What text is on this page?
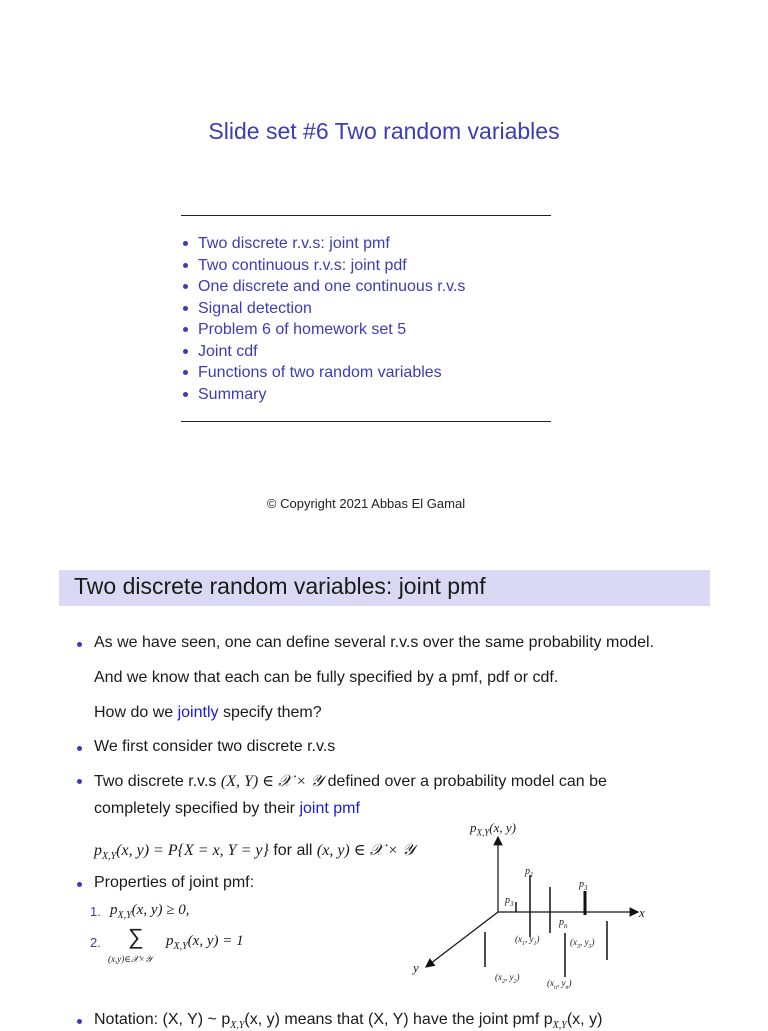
Slide set #6 Two random variables
Two discrete r.v.s: joint pmf
Two continuous r.v.s: joint pdf
One discrete and one continuous r.v.s
Signal detection
Problem 6 of homework set 5
Joint cdf
Functions of two random variables
Summary
© Copyright 2021 Abbas El Gamal
Two discrete random variables: joint pmf
As we have seen, one can define several r.v.s over the same probability model.
And we know that each can be fully specified by a pmf, pdf or cdf.
How do we jointly specify them?
We first consider two discrete r.v.s
Two discrete r.v.s (X, Y) ∈ 𝒳 × 𝒴 defined over a probability model can be
completely specified by their joint pmf
$p_{X,Y}(x$, y) = P{X = x, Y = y} for all (x, y) ∈ 𝒳 × 𝒴
Properties of joint pmf:
1. $p_{X,Y}(x$, y) ≥ 0,
2. ∑
(x,y)∈𝒳×𝒴
$p_{X,Y}(x$, y) = 1
Notation: (X, Y) ~ $p_{X,Y}(x$, y) means that (X, Y) have the joint pmf $p_{X,Y}(x$, y)
$p_{X,Y}(x$, y)
x
y
$p_1$
$p_3$
$p_3$
$p_n$
($x_1$, $y_1$)
($x_2$, $y_2$)
($x_3$, $y_3$)
($x_n$, $y_n$)
